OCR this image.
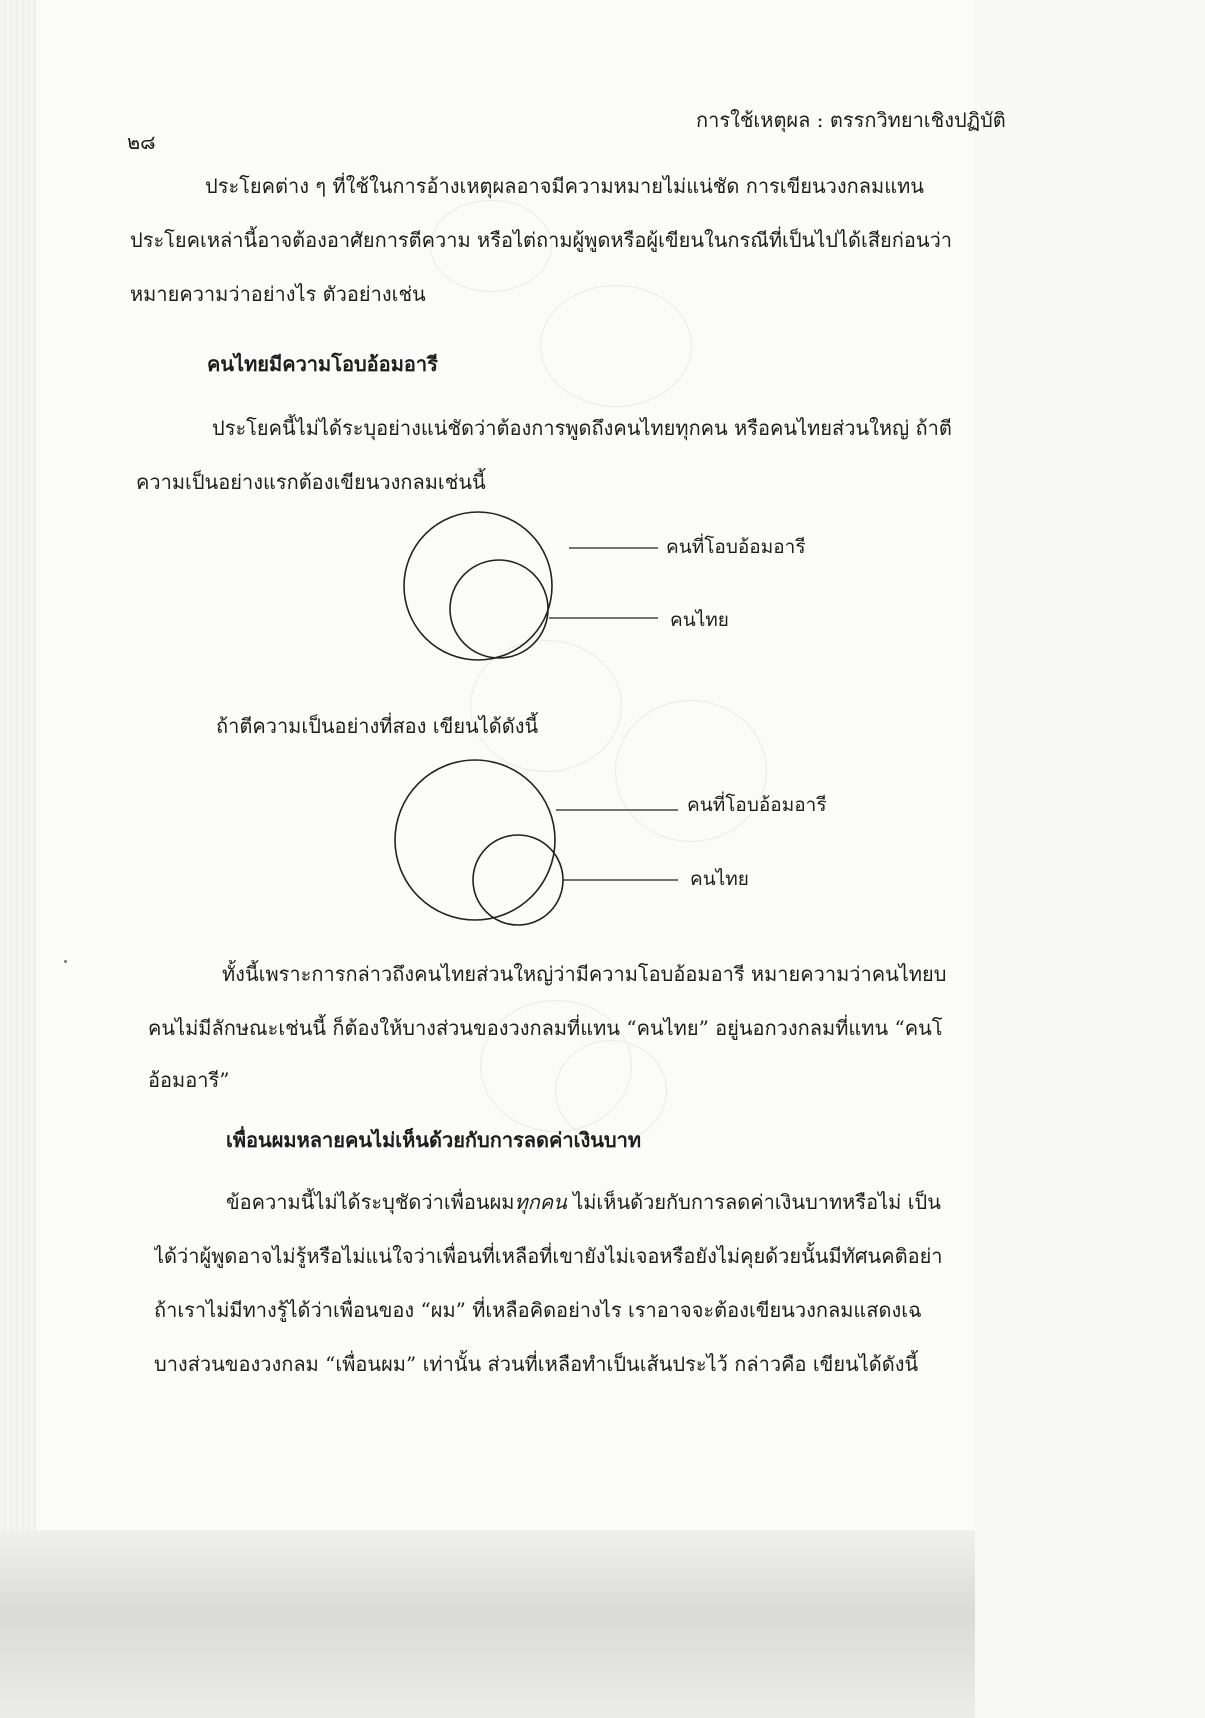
๒๘
การใช้เหตุผล : ตรรกวิทยาเชิงปฏิบัติ
ประโยคต่าง ๆ ที่ใช้ในการอ้างเหตุผลอาจมีความหมายไม่แน่ชัด การเขียนวงกลมแทน
ประโยคเหล่านี้อาจต้องอาศัยการตีความ หรือไต่ถามผู้พูดหรือผู้เขียนในกรณีที่เป็นไปได้เสียก่อนว่า
หมายความว่าอย่างไร ตัวอย่างเช่น
คนไทยมีความโอบอ้อมอารี
ประโยคนี้ไม่ได้ระบุอย่างแน่ชัดว่าต้องการพูดถึงคนไทยทุกคน หรือคนไทยส่วนใหญ่ ถ้าตี
ความเป็นอย่างแรกต้องเขียนวงกลมเช่นนี้
คนที่โอบอ้อมอารี
คนไทย
ถ้าตีความเป็นอย่างที่สอง เขียนได้ดังนี้
คนที่โอบอ้อมอารี
คนไทย
ทั้งนี้เพราะการกล่าวถึงคนไทยส่วนใหญ่ว่ามีความโอบอ้อมอารี หมายความว่าคนไทยบ
คนไม่มีลักษณะเช่นนี้ ก็ต้องให้บางส่วนของวงกลมที่แทน “คนไทย” อยู่นอกวงกลมที่แทน “คนโ
อ้อมอารี”
เพื่อนผมหลายคนไม่เห็นด้วยกับการลดค่าเงินบาท
ข้อความนี้ไม่ได้ระบุชัดว่าเพื่อนผมทุกคน ไม่เห็นด้วยกับการลดค่าเงินบาทหรือไม่ เป็น
ได้ว่าผู้พูดอาจไม่รู้หรือไม่แน่ใจว่าเพื่อนที่เหลือที่เขายังไม่เจอหรือยังไม่คุยด้วยนั้นมีทัศนคติอย่า
ถ้าเราไม่มีทางรู้ได้ว่าเพื่อนของ “ผม” ที่เหลือคิดอย่างไร เราอาจจะต้องเขียนวงกลมแสดงเฉ
บางส่วนของวงกลม “เพื่อนผม” เท่านั้น ส่วนที่เหลือทำเป็นเส้นประไว้ กล่าวคือ เขียนได้ดังนี้
